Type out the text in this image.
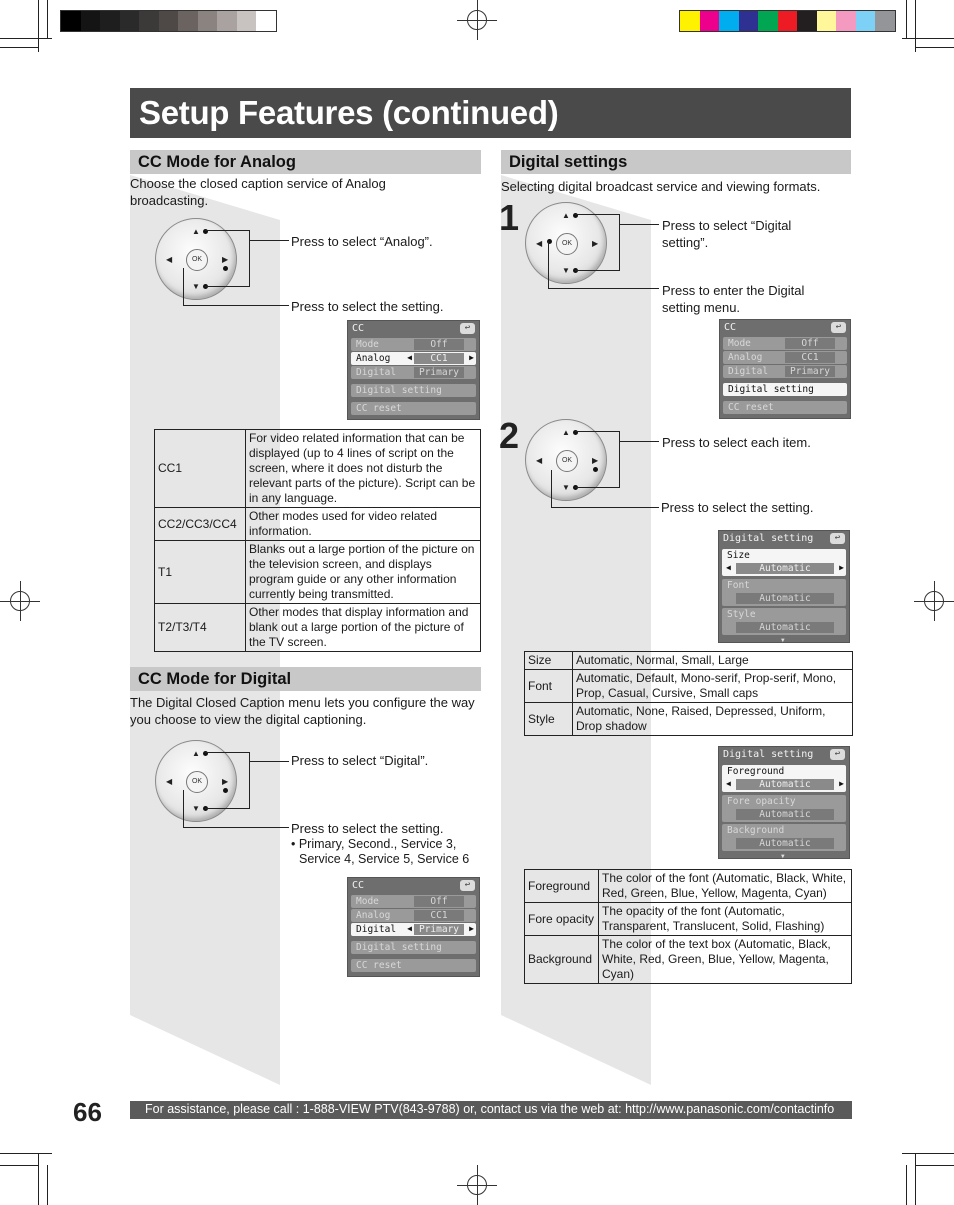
Setup Features (continued)
CC Mode for Analog
Choose the closed caption service of Analog broadcasting.
▲
◀	▶
▼
OK
Press to select “Analog”.
Press to select the setting.
CC	↩
Mode	Off
Analog	CC1
◀	▶
Digital	Primary
Digital setting
CC reset
CC1	For video related information that can be displayed (up to 4 lines of script on the screen, where it does not disturb the relevant parts of the picture). Script can be in any language.
CC2/CC3/CC4	Other modes used for video related information.
T1	Blanks out a large portion of the picture on the television screen, and displays program guide or any other information currently being transmitted.
T2/T3/T4	Other modes that display information and blank out a large portion of the picture of the TV screen.
CC Mode for Digital
The Digital Closed Caption menu lets you configure the way you choose to view the digital captioning.
▲
◀	▶
▼
OK
Press to select “Digital”.
Press to select the setting.
• Primary, Second., Service 3, Service 4, Service 5, Service 6
CC	↩
Mode	Off
Analog	CC1
Digital	Primary
◀	▶
Digital setting
CC reset
Digital settings
Selecting digital broadcast service and viewing formats.
1	▲
◀	▶
▼
OK
Press to select “Digital setting”.
Press to enter the Digital setting menu.
CC	↩
Mode	Off
Analog	CC1
Digital	Primary
Digital setting
CC reset
2	▲
◀	▶
▼
OK
Press to select each item.
Press to select the setting.
Digital setting	↩
Size
Automatic
◀	▶
Font
Automatic
Style
Automatic
▼
Size	Automatic, Normal, Small, Large
Font	Automatic, Default, Mono-serif, Prop-serif, Mono, Prop, Casual, Cursive, Small caps
Style	Automatic, None, Raised, Depressed, Uniform, Drop shadow
Digital setting	↩
Foreground
Automatic
◀	▶
Fore opacity
Automatic
Background
Automatic
▼
Foreground	The color of the font (Automatic, Black, White, Red, Green, Blue, Yellow, Magenta, Cyan)
Fore opacity	The opacity of the font (Automatic, Transparent, Translucent, Solid, Flashing)
Background	The color of the text box (Automatic, Black, White, Red, Green, Blue, Yellow, Magenta, Cyan)
66	For assistance, please call : 1-888-VIEW PTV(843-9788) or, contact us via the web at: http://www.panasonic.com/contactinfo
